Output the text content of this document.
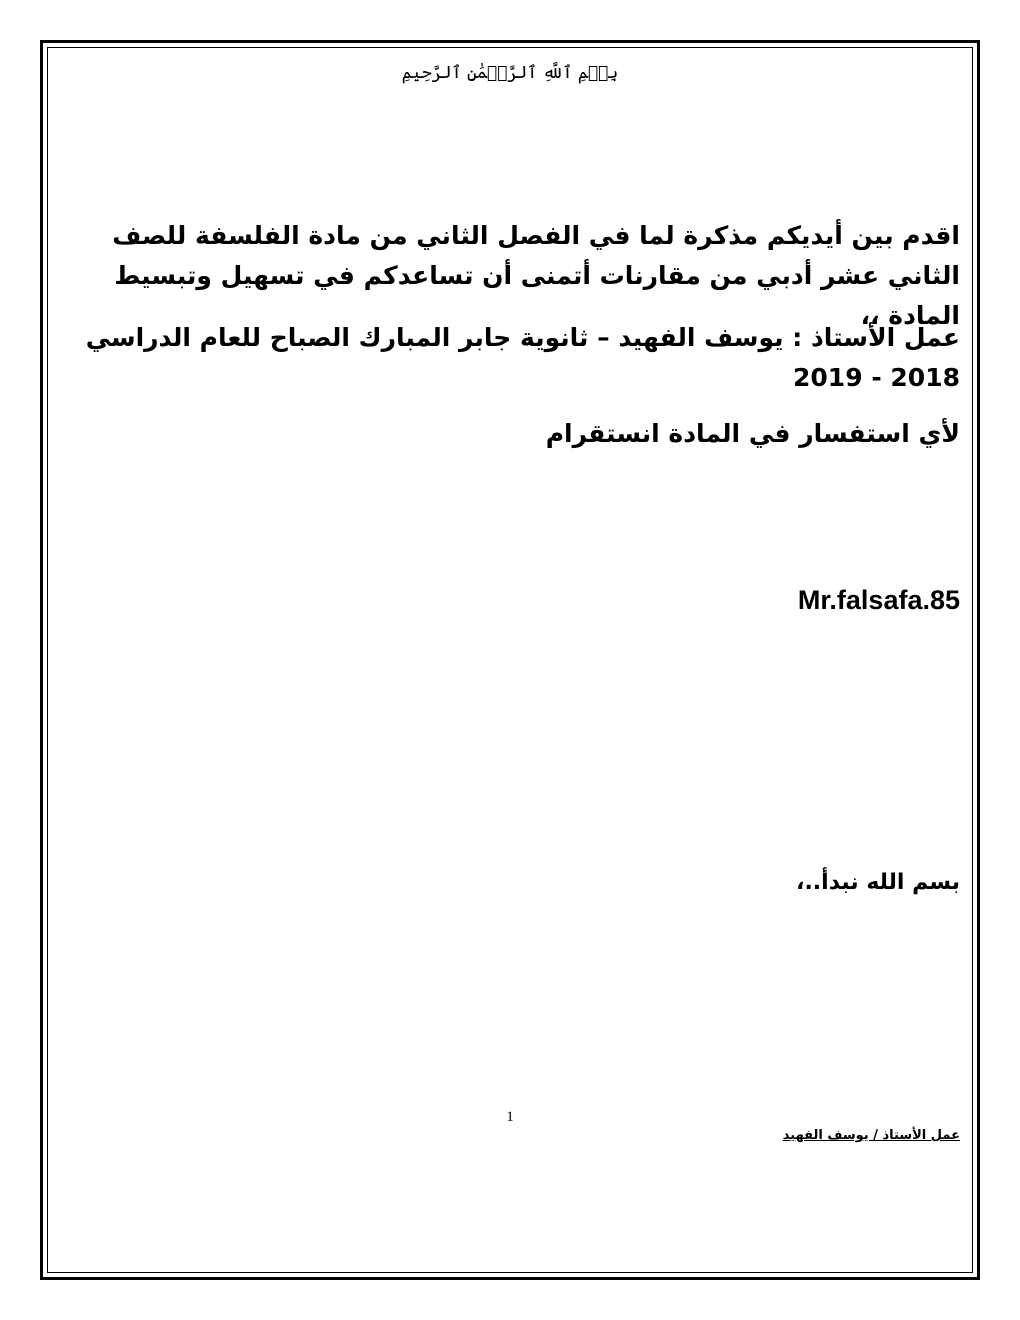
بِسۡمِ ٱللَّهِ ٱلرَّحۡمَٰنِ ٱلرَّحِيمِ
اقدم بين أيديكم مذكرة لما في الفصل الثاني من مادة الفلسفة للصف الثاني عشر أدبي من مقارنات أتمنى أن تساعدكم في تسهيل وتبسيط المادة ،،
عمل الأستاذ : يوسف الفهيد – ثانوية جابر المبارك الصباح للعام الدراسي 2018 - 2019
لأي استفسار في المادة انستقرام
Mr.falsafa.85
بسم الله نبدأ..،
1
عمل الأستاذ / يوسف الفهيد
